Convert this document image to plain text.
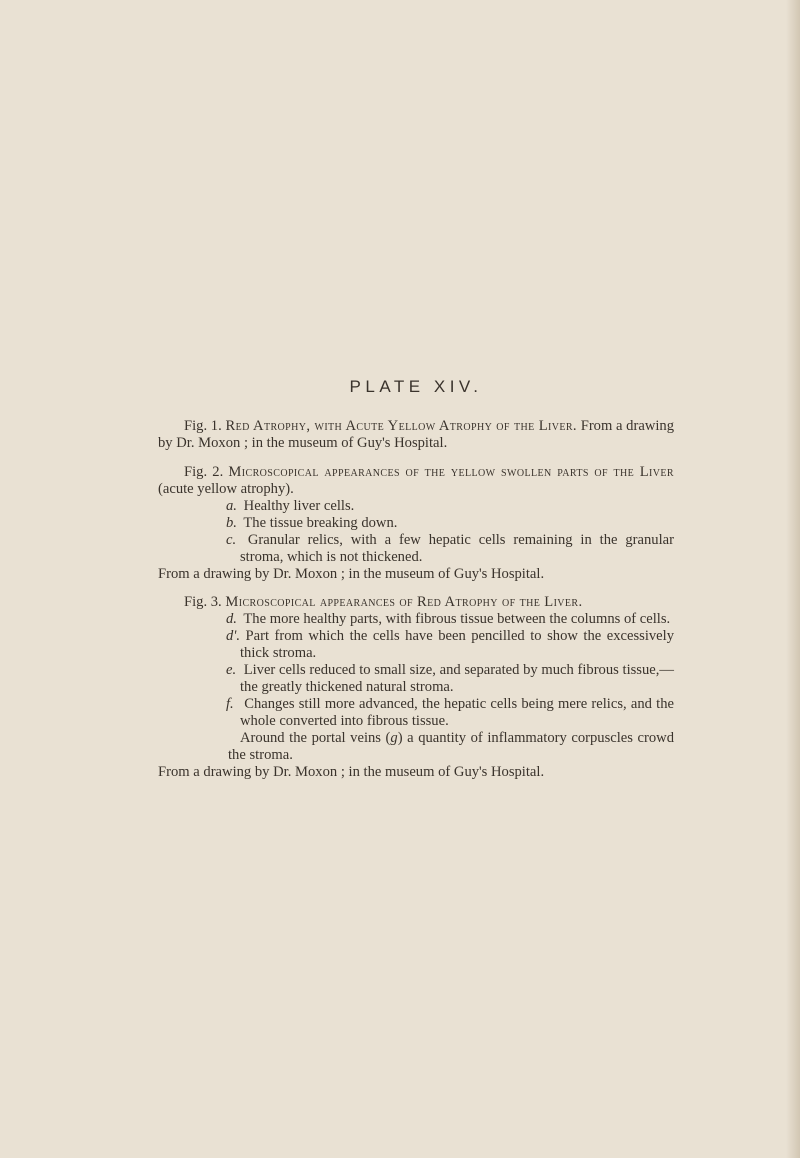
PLATE XIV.

Fig. 1. Red Atrophy, with Acute Yellow Atrophy of the Liver. From a drawing by Dr. Moxon ; in the museum of Guy's Hospital.

Fig. 2. Microscopical appearances of the yellow swollen parts of the Liver (acute yellow atrophy).

a. Healthy liver cells.

b. The tissue breaking down.

c. Granular relics, with a few hepatic cells remaining in the granular stroma, which is not thickened.

From a drawing by Dr. Moxon ; in the museum of Guy's Hospital.

Fig. 3. Microscopical appearances of Red Atrophy of the Liver.

d. The more healthy parts, with fibrous tissue between the columns of cells.

d'. Part from which the cells have been pencilled to show the excessively thick stroma.

e. Liver cells reduced to small size, and separated by much fibrous tissue,—the greatly thickened natural stroma.

f. Changes still more advanced, the hepatic cells being mere relics, and the whole converted into fibrous tissue.

Around the portal veins (g) a quantity of inflammatory corpuscles crowd the stroma.

From a drawing by Dr. Moxon ; in the museum of Guy's Hospital.
